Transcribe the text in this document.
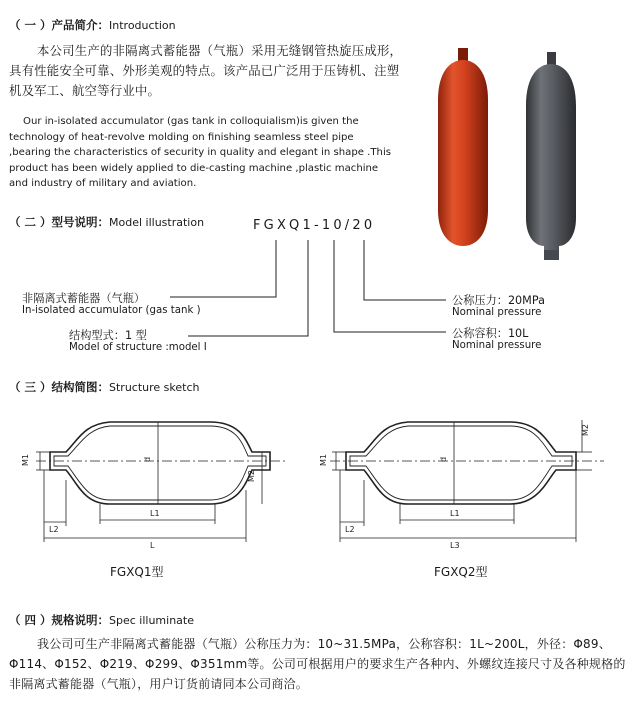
（ 一 ）产品简介：Introduction
本公司生产的非隔离式蓄能器（气瓶）采用无缝钢管热旋压成形，具有性能安全可靠、外形美观的特点。该产品已广泛用于压铸机、注塑机及军工、航空等行业中。
Our in-isolated accumulator (gas tank in colloquialism)is given the
technology of heat-revolve molding on finishing seamless steel pipe
,bearing the characteristics of security in quality and elegant in shape .This
product has been widely applied to die-casting machine ,plastic machine
and industry of military and aviation.
（ 二 ）型号说明：Model illustration	FGXQ1-10/20
非隔离式蓄能器（气瓶）
In-isolated accumulator (gas tank )
结构型式：1 型
Model of structure :model I
公称压力：20MPa
Nominal pressure
公称容积：10L
Nominal pressure
（ 三 ）结构简图：Structure sketch
d
M1
M2
L1
L2
L
d
M1
M2
L1
L2
L3
FGXQ1型	FGXQ2型
（ 四 ）规格说明：Spec illuminate
我公司可生产非隔离式蓄能器（气瓶）公称压力为：10~31.5MPa，公称容积：1L~200L，外径：Φ89、Φ114、Φ152、Φ219、Φ299、Φ351mm等。公司可根据用户的要求生产各种内、外螺纹连接尺寸及各种规格的非隔离式蓄能器（气瓶），用户订货前请同本公司商洽。
